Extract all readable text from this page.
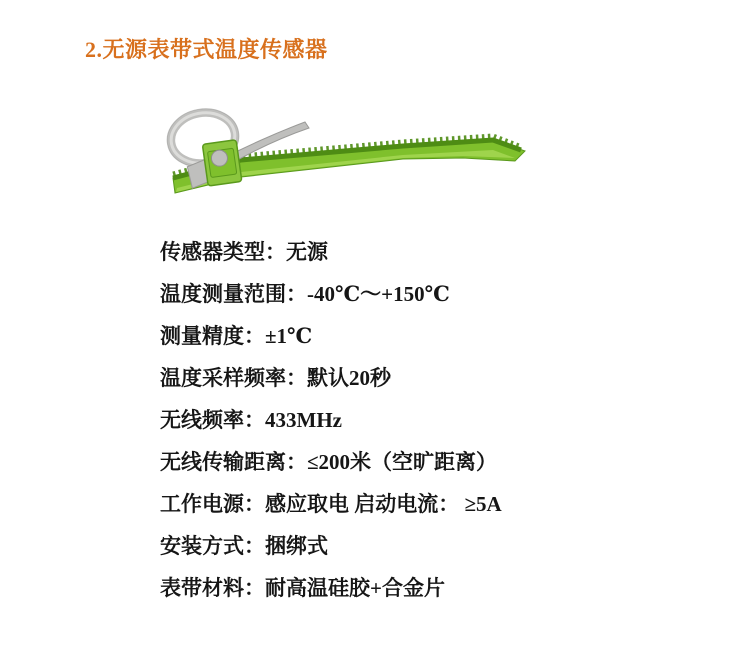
2.无源表带式温度传感器
传感器类型：无源
温度测量范围：-40℃～+150℃
测量精度：±1℃
温度采样频率：默认20秒
无线频率：433MHz
无线传输距离：≤200米（空旷距离）
工作电源：感应取电 启动电流： ≥5A
安装方式：捆绑式
表带材料：耐高温硅胶+合金片
